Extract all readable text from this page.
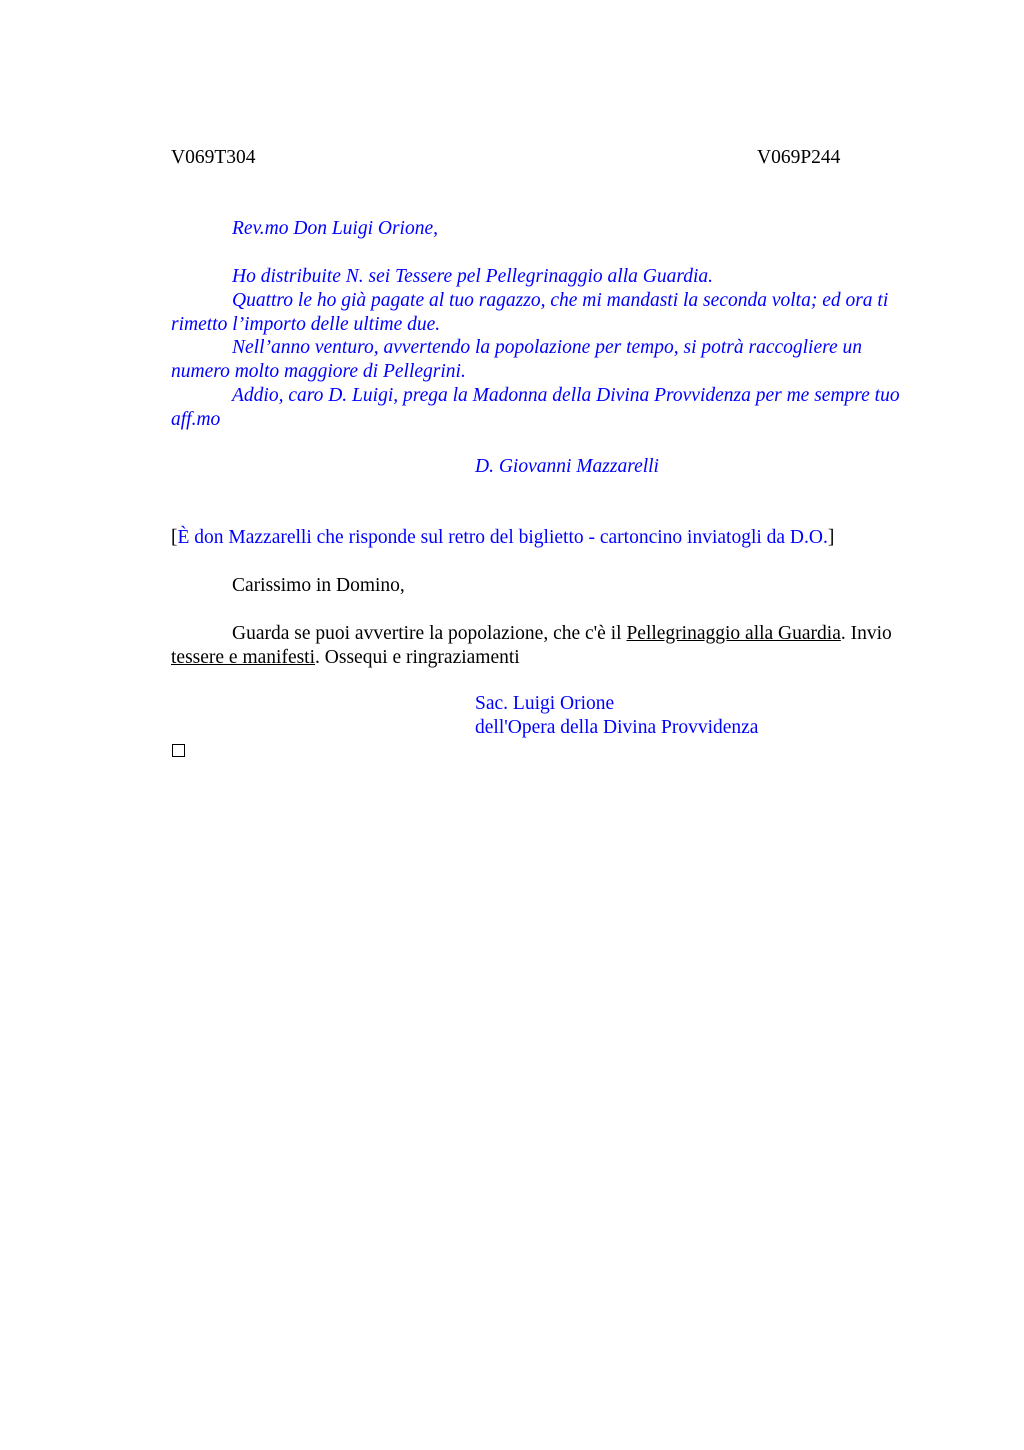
V069T304	V069P244

Rev.mo Don Luigi Orione,

Ho distribuite N. sei Tessere pel Pellegrinaggio alla Guardia.

Quattro le ho già pagate al tuo ragazzo, che mi mandasti la seconda volta; ed ora ti rimetto l’importo delle ultime due.

Nell’anno venturo, avvertendo la popolazione per tempo, si potrà raccogliere un numero molto maggiore di Pellegrini.

Addio, caro D. Luigi, prega la Madonna della Divina Provvidenza per me sempre tuo aff.mo

D. Giovanni Mazzarelli
[È don Mazzarelli che risponde sul retro del biglietto - cartoncino inviatogli da D.O.]

Carissimo in Domino,

Guarda se puoi avvertire la popolazione, che c'è il Pellegrinaggio alla Guardia. Invio tessere e manifesti. Ossequi e ringraziamenti

Sac. Luigi Orione
dell'Opera della Divina Provvidenza
